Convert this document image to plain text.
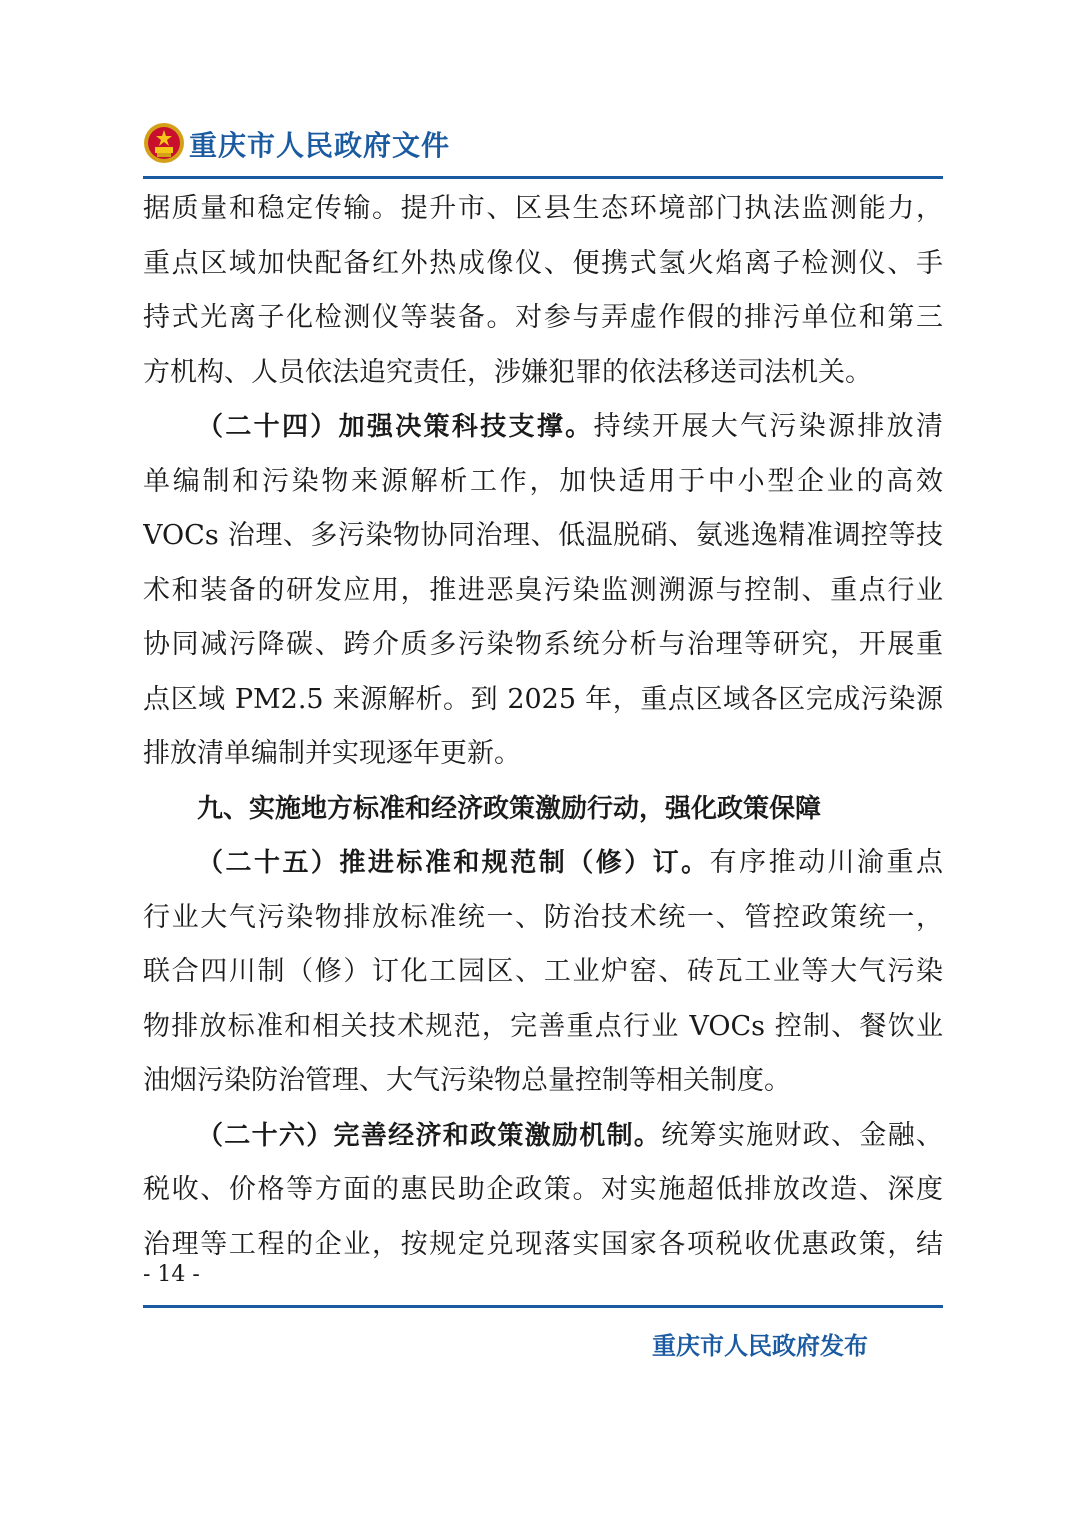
重庆市人民政府文件
据质量和稳定传输。提升市、区县生态环境部门执法监测能力，
重点区域加快配备红外热成像仪、便携式氢火焰离子检测仪、手
持式光离子化检测仪等装备。对参与弄虚作假的排污单位和第三
方机构、人员依法追究责任，涉嫌犯罪的依法移送司法机关。
（二十四）加强决策科技支撑。持续开展大气污染源排放清
单编制和污染物来源解析工作，加快适用于中小型企业的高效
VOCs 治理、多污染物协同治理、低温脱硝、氨逃逸精准调控等技
术和装备的研发应用，推进恶臭污染监测溯源与控制、重点行业
协同减污降碳、跨介质多污染物系统分析与治理等研究，开展重
点区域 PM2.5 来源解析。到 2025 年，重点区域各区完成污染源
排放清单编制并实现逐年更新。
九、实施地方标准和经济政策激励行动，强化政策保障
（二十五）推进标准和规范制（修）订。有序推动川渝重点
行业大气污染物排放标准统一、防治技术统一、管控政策统一，
联合四川制（修）订化工园区、工业炉窑、砖瓦工业等大气污染
物排放标准和相关技术规范，完善重点行业 VOCs 控制、餐饮业
油烟污染防治管理、大气污染物总量控制等相关制度。
（二十六）完善经济和政策激励机制。统筹实施财政、金融、
税收、价格等方面的惠民助企政策。对实施超低排放改造、深度
治理等工程的企业，按规定兑现落实国家各项税收优惠政策，结
- 14 -
重庆市人民政府发布
